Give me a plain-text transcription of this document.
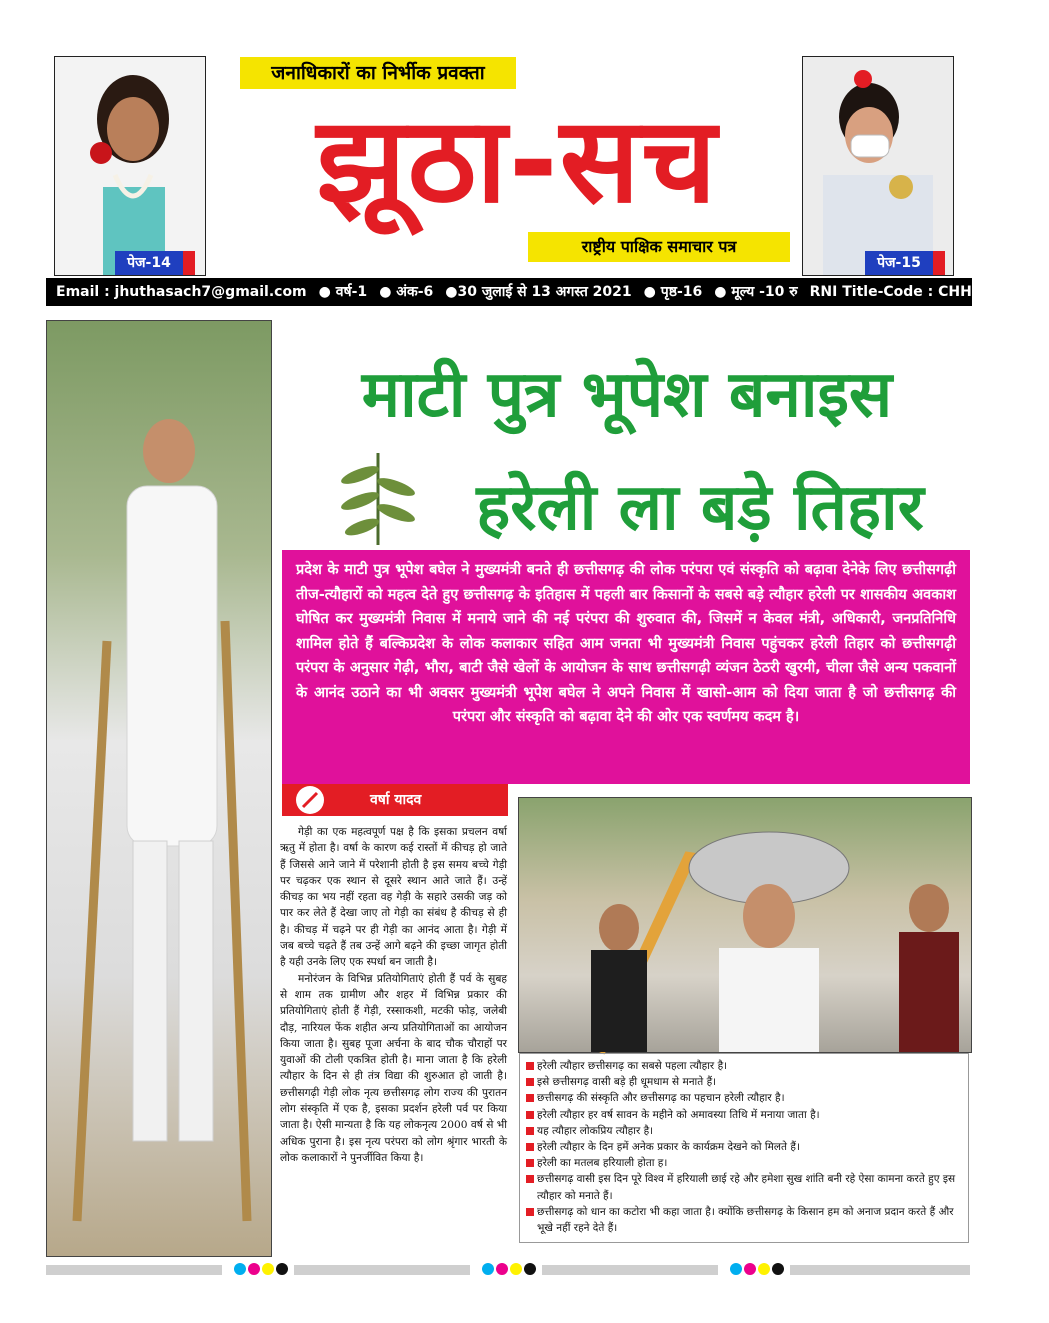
पेज-14	पेज-15
जनाधिकारों का निर्भीक प्रवक्ता
झूठा-सच
राष्ट्रीय पाक्षिक समाचार पत्र
Email : jhuthasach7@gmail.com ● वर्ष-1 ● अंक-6 ●30 जुलाई से 13 अगस्त 2021 ● पृष्ठ-16 ● मूल्य -10 रु RNI Title-Code : CHHHIN17303
माटी पुत्र भूपेश बनाइस
हरेली ला बड़े तिहार
प्रदेश के माटी पुत्र भूपेश बघेल ने मुख्यमंत्री बनते ही छत्तीसगढ़ की लोक परंपरा एवं संस्कृति को बढ़ावा देनेके लिए छत्तीसगढ़ी तीज-त्यौहारों को महत्व देते हुए छत्तीसगढ़ के इतिहास में पहली बार किसानों के सबसे बड़े त्यौहार हरेली पर शासकीय अवकाश घोषित कर मुख्यमंत्री निवास में मनाये जाने की नई परंपरा की शुरुवात की, जिसमें न केवल मंत्री, अधिकारी, जनप्रतिनिधि शामिल होते हैं बल्किप्रदेश के लोक कलाकार सहित आम जनता भी मुख्यमंत्री निवास पहुंचकर हरेली तिहार को छत्तीसगढ़ी परंपरा के अनुसार गेढ़ी, भौरा, बाटी जैसे खेलों के आयोजन के साथ छत्तीसगढ़ी व्यंजन ठेठरी खुरमी, चीला जैसे अन्य पकवानों के आनंद उठाने का भी अवसर मुख्यमंत्री भूपेश बघेल ने अपने निवास में खासो-आम को दिया जाता है जो छत्तीसगढ़ की परंपरा और संस्कृति को बढ़ावा देने की ओर एक स्वर्णमय कदम है।
वर्षा यादव

गेड़ी का एक महत्वपूर्ण पक्ष है कि इसका प्रचलन वर्षा ऋतु में होता है। वर्षा के कारण कई रास्तों में कीचड़ हो जाते हैं जिससे आने जाने में परेशानी होती है इस समय बच्चे गेड़ी पर चढ़कर एक स्थान से दूसरे स्थान आते जाते हैं। उन्हें कीचड़ का भय नहीं रहता वह गेड़ी के सहारे उसकी जड़ को पार कर लेते हैं देखा जाए तो गेड़ी का संबंध है कीचड़ से ही है। कीचड़ में चढ़ने पर ही गेड़ी का आनंद आता है। गेड़ी में जब बच्चे चढ़ते हैं तब उन्हें आगे बढ़ने की इच्छा जागृत होती है यही उनके लिए एक स्पर्धा बन जाती है।

मनोरंजन के विभिन्न प्रतियोगिताएं होती हैं पर्व के सुबह से शाम तक ग्रामीण और शहर में विभिन्न प्रकार की प्रतियोगिताएं होती हैं गेड़ी, रस्साकशी, मटकी फोड़, जलेबी दौड़, नारियल फेंक शहीत अन्य प्रतियोगिताओं का आयोजन किया जाता है। सुबह पूजा अर्चना के बाद चौक चौराहों पर युवाओं की टोली एकत्रित होती है। माना जाता है कि हरेली त्यौहार के दिन से ही तंत्र विद्या की शुरुआत हो जाती है। छत्तीसगढ़ी गेड़ी लोक नृत्य छत्तीसगढ़ लोग राज्य की पुरातन लोग संस्कृति में एक है, इसका प्रदर्शन हरेली पर्व पर किया जाता है। ऐसी मान्यता है कि यह लोकनृत्य 2000 वर्ष से भी अधिक पुराना है। इस नृत्य परंपरा को लोग श्रृंगार भारती के लोक कलाकारों ने पुनर्जीवित किया है।

हरेली त्यौहार छत्तीसगढ़ का सबसे पहला त्यौहार है।
इसे छत्तीसगढ़ वासी बड़े ही धूमधाम से मनाते हैं।
छत्तीसगढ़ की संस्कृति और छत्तीसगढ़ का पहचान हरेली त्यौहार है।
हरेली त्यौहार हर वर्ष सावन के महीने को अमावस्या तिथि में मनाया जाता है।
यह त्यौहार लोकप्रिय त्यौहार है।
हरेली त्यौहार के दिन हमें अनेक प्रकार के कार्यक्रम देखने को मिलते हैं।
हरेली का मतलब हरियाली होता ह।
छत्तीसगढ़ वासी इस दिन पूरे विश्व में हरियाली छाई रहे और हमेशा सुख शांति बनी रहे ऐसा कामना करते हुए इस त्यौहार को मनाते हैं।
छत्तीसगढ़ को धान का कटोरा भी कहा जाता है। क्योंकि छत्तीसगढ़ के किसान हम को अनाज प्रदान करते हैं और भूखे नहीं रहने देते हैं।
